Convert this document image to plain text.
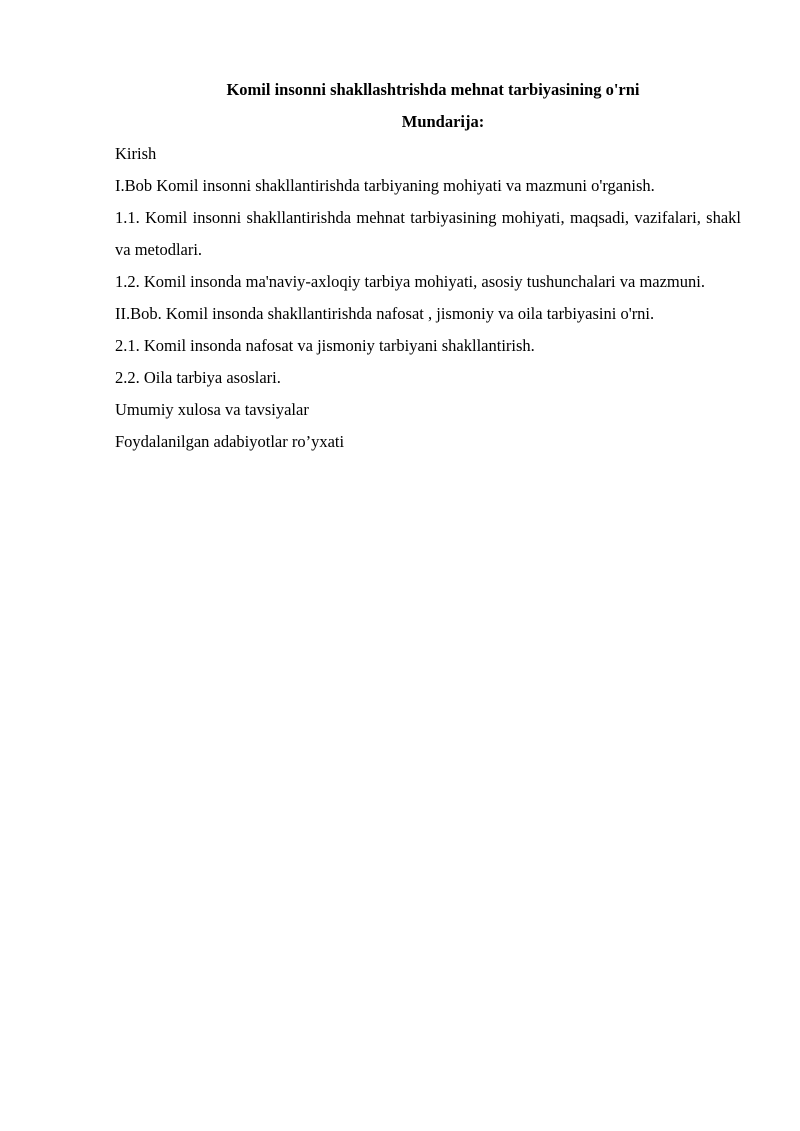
Komil insonni shakllashtrishda mehnat tarbiyasining o'rni

Mundarija:

Kirish
I.Bob Komil insonni shakllantirishda tarbiyaning mohiyati va mazmuni o'rganish.
1.1. Komil insonni shakllantirishda mehnat tarbiyasining mohiyati, maqsadi, vazifalari, shakl va metodlari.
1.2. Komil insonda ma'naviy-axloqiy tarbiya mohiyati, asosiy tushunchalari va mazmuni.
II.Bob. Komil insonda shakllantirishda nafosat , jismoniy va oila tarbiyasini o'rni.
2.1. Komil insonda nafosat va jismoniy tarbiyani shakllantirish.
2.2. Oila tarbiya asoslari.
Umumiy xulosa va tavsiyalar
Foydalanilgan adabiyotlar ro’yxati
